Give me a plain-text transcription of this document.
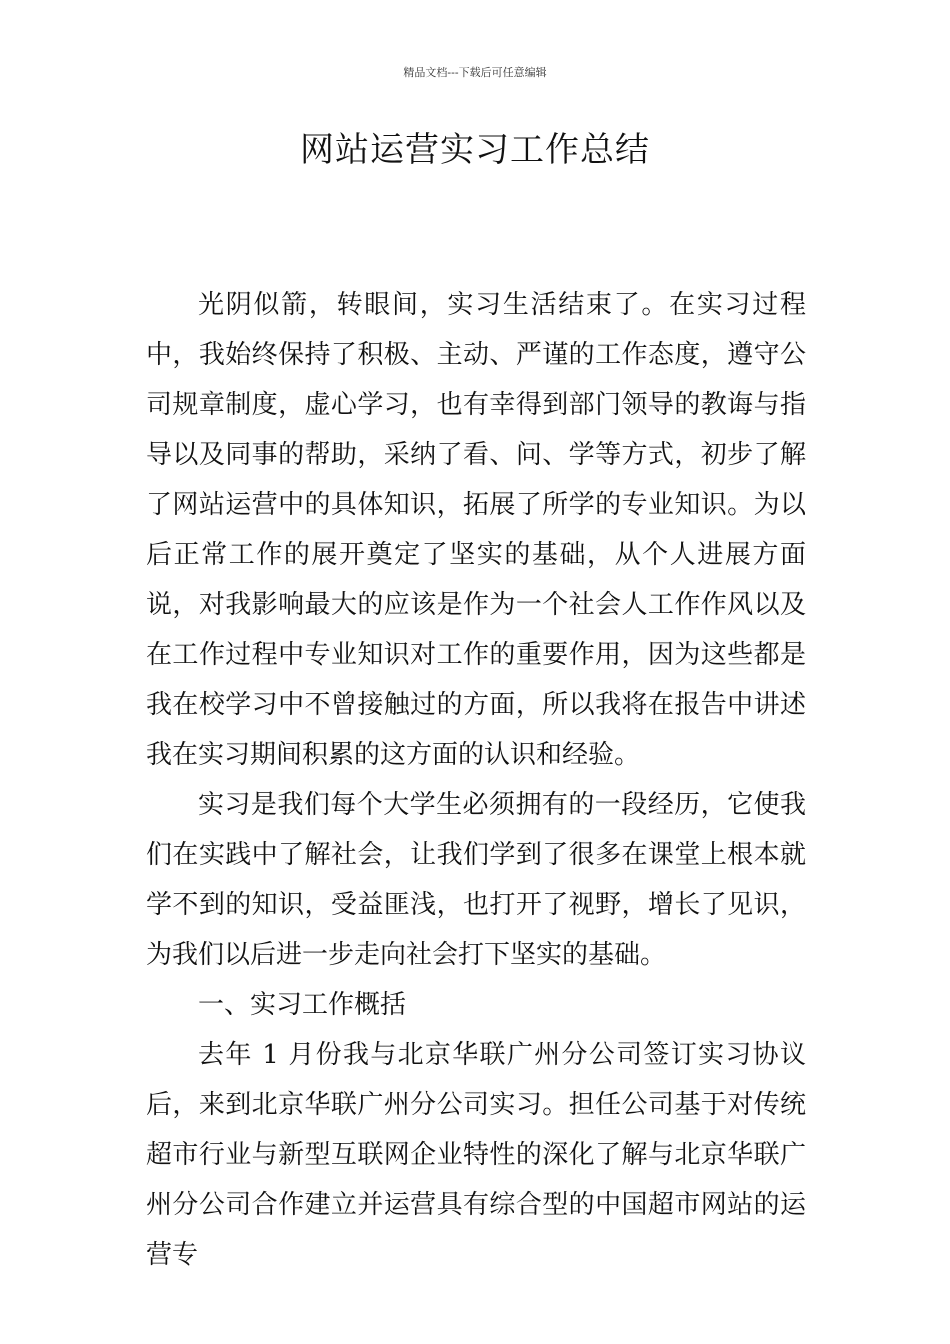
精品文档---下载后可任意编辑
网站运营实习工作总结

光阴似箭，转眼间，实习生活结束了。在实习过程中，我始终保持了积极、主动、严谨的工作态度，遵守公司规章制度，虚心学习，也有幸得到部门领导的教诲与指导以及同事的帮助，采纳了看、问、学等方式，初步了解了网站运营中的具体知识，拓展了所学的专业知识。为以后正常工作的展开奠定了坚实的基础，从个人进展方面说，对我影响最大的应该是作为一个社会人工作作风以及在工作过程中专业知识对工作的重要作用，因为这些都是我在校学习中不曾接触过的方面，所以我将在报告中讲述我在实习期间积累的这方面的认识和经验。

实习是我们每个大学生必须拥有的一段经历，它使我们在实践中了解社会，让我们学到了很多在课堂上根本就学不到的知识，受益匪浅，也打开了视野，增长了见识，为我们以后进一步走向社会打下坚实的基础。

一、实习工作概括

去年 1 月份我与北京华联广州分公司签订实习协议后，来到北京华联广州分公司实习。担任公司基于对传统超市行业与新型互联网企业特性的深化了解与北京华联广州分公司合作建立并运营具有综合型的中国超市网站的运营专
